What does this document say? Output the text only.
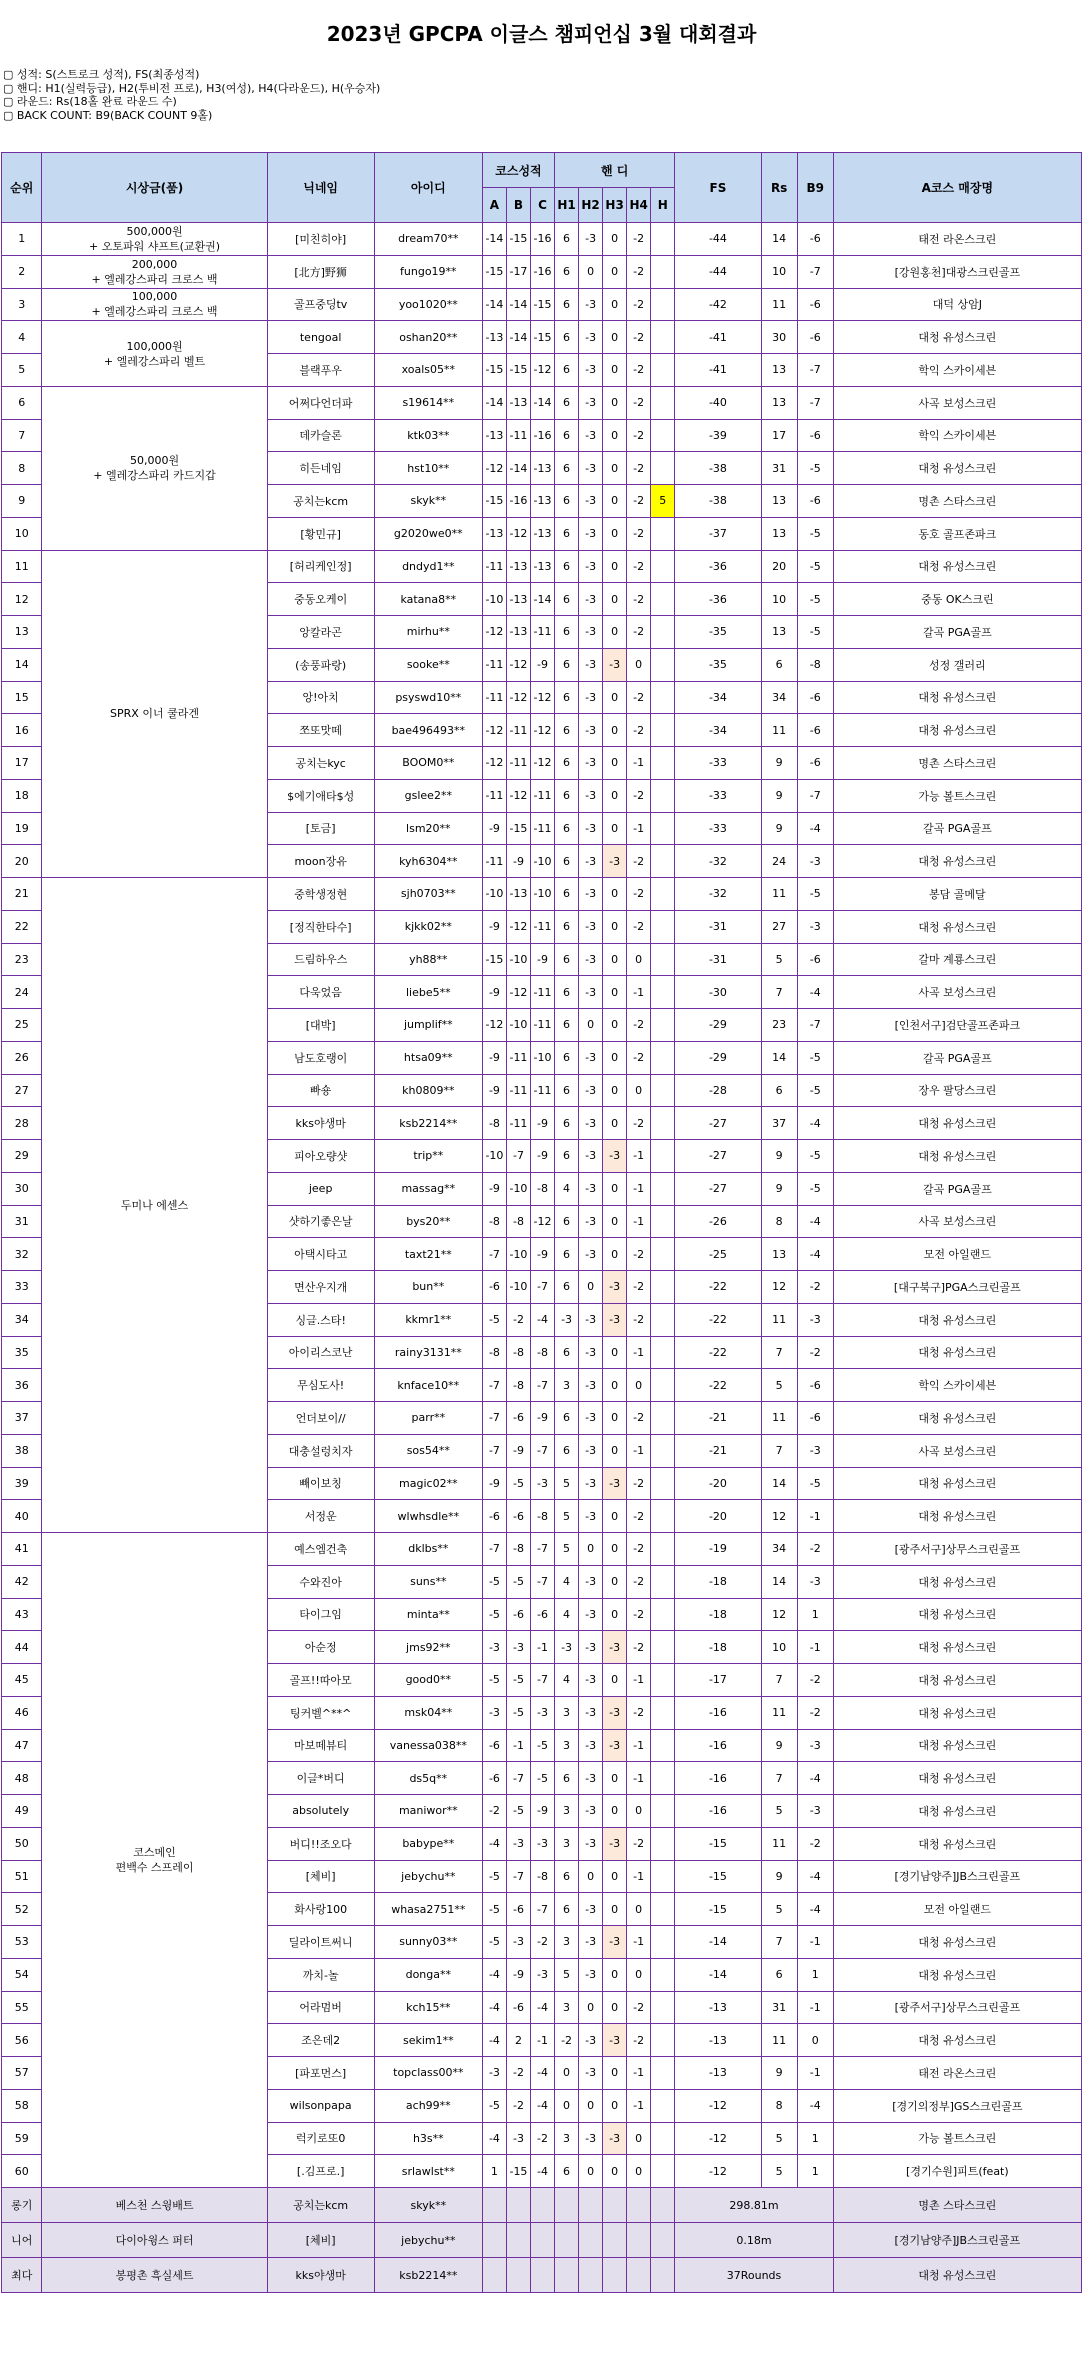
2023년 GPCPA 이글스 챔피언십 3월 대회결과
▢ 성적: S(스트로크 성적), FS(최종성적)
▢ 핸디: H1(실력등급), H2(투비전 프로), H3(여성), H4(다라운드), H(우승자)
▢ 라운드: Rs(18홀 완료 라운드 수)
▢ BACK COUNT: B9(BACK COUNT 9홀)
순위	시상금(품)	닉네임	아이디	코스성적			핸 디					FS	Rs	B9	A코스 매장명
				A	B	C	H1	H2	H3	H4	H				
1	500,000원
+ 오토파워 샤프트(교환권)	[미친히야]	dream70**	-14	-15	-16	6	-3	0	-2		-44	14	-6	태전 라온스크린
2	200,000
+ 엘레강스파리 크로스 백	[北方]野狮	fungo19**	-15	-17	-16	6	0	0	-2		-44	10	-7	[강원홍천]대광스크린골프
3	100,000
+ 엘레강스파리 크로스 백	골프중딩tv	yoo1020**	-14	-14	-15	6	-3	0	-2		-42	11	-6	대덕 상암J
4	100,000원
+ 엘레강스파리 벨트	tengoal	oshan20**	-13	-14	-15	6	-3	0	-2		-41	30	-6	대청 유성스크린
5		블랙푸우	xoals05**	-15	-15	-12	6	-3	0	-2		-41	13	-7	학익 스카이세븐
6	50,000원
+ 엘레강스파리 카드지갑	어쩌다언더파	s19614**	-14	-13	-14	6	-3	0	-2		-40	13	-7	사곡 보성스크린
7		데카슬론	ktk03**	-13	-11	-16	6	-3	0	-2		-39	17	-6	학익 스카이세븐
8		히든네임	hst10**	-12	-14	-13	6	-3	0	-2		-38	31	-5	대청 유성스크린
9		공치는kcm	skyk**	-15	-16	-13	6	-3	0	-2	5	-38	13	-6	명촌 스타스크린
10		[황민규]	g2020we0**	-13	-12	-13	6	-3	0	-2		-37	13	-5	동호 골프존파크
11	SPRX 이너 쿨라겐	[허리케인정]	dndyd1**	-11	-13	-13	6	-3	0	-2		-36	20	-5	대청 유성스크린
12		중동오케이	katana8**	-10	-13	-14	6	-3	0	-2		-36	10	-5	중동 OK스크린
13		앙칼라곤	mirhu**	-12	-13	-11	6	-3	0	-2		-35	13	-5	갈곡 PGA골프
14		(송풍파랑)	sooke**	-11	-12	-9	6	-3	-3	0		-35	6	-8	성정 갤러리
15		앙!아치	psyswd10**	-11	-12	-12	6	-3	0	-2		-34	34	-6	대청 유성스크린
16		쪼또맛떼	bae496493**	-12	-11	-12	6	-3	0	-2		-34	11	-6	대청 유성스크린
17		공치는kyc	BOOM0**	-12	-11	-12	6	-3	0	-1		-33	9	-6	명촌 스타스크린
18		$에기애타$성	gslee2**	-11	-12	-11	6	-3	0	-2		-33	9	-7	가능 볼트스크린
19		[토금]	lsm20**	-9	-15	-11	6	-3	0	-1		-33	9	-4	갈곡 PGA골프
20		moon장유	kyh6304**	-11	-9	-10	6	-3	-3	-2		-32	24	-3	대청 유성스크린
21	두미나 에센스	중학생정현	sjh0703**	-10	-13	-10	6	-3	0	-2		-32	11	-5	봉담 골메달
22		[정직한타수]	kjkk02**	-9	-12	-11	6	-3	0	-2		-31	27	-3	대청 유성스크린
23		드림하우스	yh88**	-15	-10	-9	6	-3	0	0		-31	5	-6	갈마 계룡스크린
24		다욱었음	liebe5**	-9	-12	-11	6	-3	0	-1		-30	7	-4	사곡 보성스크린
25		[대박]	jumplif**	-12	-10	-11	6	0	0	-2		-29	23	-7	[인천서구]검단골프존파크
26		남도호랭이	htsa09**	-9	-11	-10	6	-3	0	-2		-29	14	-5	갈곡 PGA골프
27		빠숑	kh0809**	-9	-11	-11	6	-3	0	0		-28	6	-5	장우 팔당스크린
28		kks야생마	ksb2214**	-8	-11	-9	6	-3	0	-2		-27	37	-4	대청 유성스크린
29		피아오량샷	trip**	-10	-7	-9	6	-3	-3	-1		-27	9	-5	대청 유성스크린
30		jeep	massag**	-9	-10	-8	4	-3	0	-1		-27	9	-5	갈곡 PGA골프
31		샷하기좋은날	bys20**	-8	-8	-12	6	-3	0	-1		-26	8	-4	사곡 보성스크린
32		아택시타고	taxt21**	-7	-10	-9	6	-3	0	-2		-25	13	-4	모전 아일랜드
33		면산우지개	bun**	-6	-10	-7	6	0	-3	-2		-22	12	-2	[대구북구]PGA스크린골프
34		싱글.스타!	kkmr1**	-5	-2	-4	-3	-3	-3	-2		-22	11	-3	대청 유성스크린
35		아이리스코난	rainy3131**	-8	-8	-8	6	-3	0	-1		-22	7	-2	대청 유성스크린
36		무심도사!	knface10**	-7	-8	-7	3	-3	0	0		-22	5	-6	학익 스카이세븐
37		언더보이//	parr**	-7	-6	-9	6	-3	0	-2		-21	11	-6	대청 유성스크린
38		대충설렁치자	sos54**	-7	-9	-7	6	-3	0	-1		-21	7	-3	사곡 보성스크린
39		빼이보칭	magic02**	-9	-5	-3	5	-3	-3	-2		-20	14	-5	대청 유성스크린
40		서정운	wlwhsdle**	-6	-6	-8	5	-3	0	-2		-20	12	-1	대청 유성스크린
41	코스메인
편백수 스프레이	예스엠건축	dklbs**	-7	-8	-7	5	0	0	-2		-19	34	-2	[광주서구]상무스크린골프
42		수와진아	suns**	-5	-5	-7	4	-3	0	-2		-18	14	-3	대청 유성스크린
43		타이그임	minta**	-5	-6	-6	4	-3	0	-2		-18	12	1	대청 유성스크린
44		아순정	jms92**	-3	-3	-1	-3	-3	-3	-2		-18	10	-1	대청 유성스크린
45		골프!!따아모	good0**	-5	-5	-7	4	-3	0	-1		-17	7	-2	대청 유성스크린
46		팅커벨^**^	msk04**	-3	-5	-3	3	-3	-3	-2		-16	11	-2	대청 유성스크린
47		마보떼뷰티	vanessa038**	-6	-1	-5	3	-3	-3	-1		-16	9	-3	대청 유성스크린
48		이글*버디	ds5q**	-6	-7	-5	6	-3	0	-1		-16	7	-4	대청 유성스크린
49		absolutely	maniwor**	-2	-5	-9	3	-3	0	0		-16	5	-3	대청 유성스크린
50		버디!!조오다	babype**	-4	-3	-3	3	-3	-3	-2		-15	11	-2	대청 유성스크린
51		[체비]	jebychu**	-5	-7	-8	6	0	0	-1		-15	9	-4	[경기남양주]JB스크린골프
52		화사랑100	whasa2751**	-5	-6	-7	6	-3	0	0		-15	5	-4	모전 아일랜드
53		딜라이트써니	sunny03**	-5	-3	-2	3	-3	-3	-1		-14	7	-1	대청 유성스크린
54		까치-놀	donga**	-4	-9	-3	5	-3	0	0		-14	6	1	대청 유성스크린
55		어라멈버	kch15**	-4	-6	-4	3	0	0	-2		-13	31	-1	[광주서구]상무스크린골프
56		조은데2	sekim1**	-4	2	-1	-2	-3	-3	-2		-13	11	0	대청 유성스크린
57		[파포먼스]	topclass00**	-3	-2	-4	0	-3	0	-1		-13	9	-1	태전 라온스크린
58		wilsonpapa	ach99**	-5	-2	-4	0	0	0	-1		-12	8	-4	[경기의정부]GS스크린골프
59		럭키로또0	h3s**	-4	-3	-2	3	-3	-3	0		-12	5	1	가능 볼트스크린
60		[.김프로.]	srlawlst**	1	-15	-4	6	0	0	0		-12	5	1	[경기수원]피트(feat)
롱기	베스천 스윙배트	공치는kcm	skyk**									298.81m			명촌 스타스크린
니어	다이아윙스 퍼터	[체비]	jebychu**									0.18m			[경기남양주]JB스크린골프
최다	봉평촌 흑실세트	kks야생마	ksb2214**									37Rounds			대청 유성스크린
